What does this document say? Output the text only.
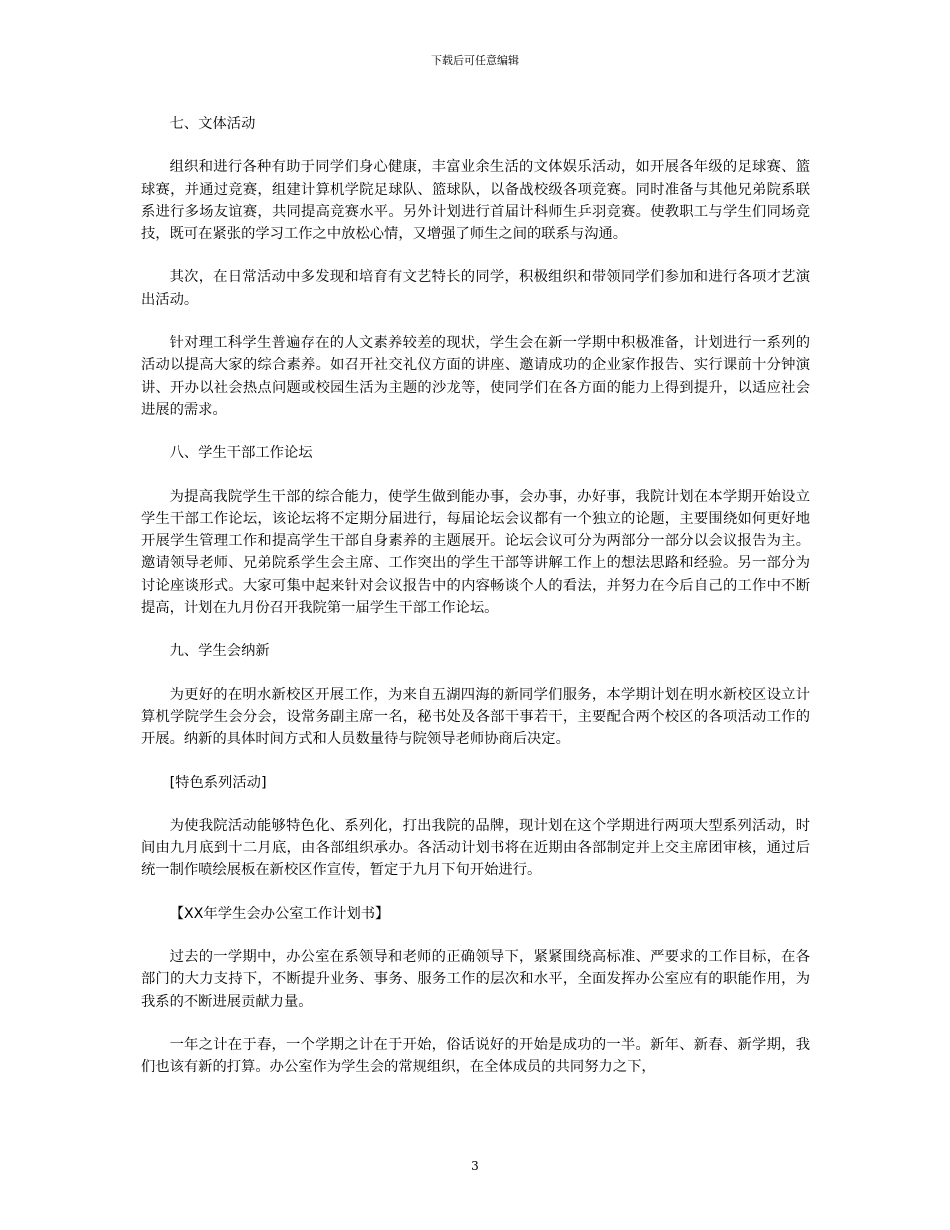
下载后可任意编辑

七、文体活动

组织和进行各种有助于同学们身心健康，丰富业余生活的文体娱乐活动，如开展各年级的足球赛、篮球赛，并通过竞赛，组建计算机学院足球队、篮球队，以备战校级各项竞赛。同时准备与其他兄弟院系联系进行多场友谊赛，共同提高竞赛水平。另外计划进行首届计科师生乒羽竞赛。使教职工与学生们同场竞技，既可在紧张的学习工作之中放松心情，又增强了师生之间的联系与沟通。

其次，在日常活动中多发现和培育有文艺特长的同学，积极组织和带领同学们参加和进行各项才艺演出活动。

针对理工科学生普遍存在的人文素养较差的现状，学生会在新一学期中积极准备，计划进行一系列的活动以提高大家的综合素养。如召开社交礼仪方面的讲座、邀请成功的企业家作报告、实行课前十分钟演讲、开办以社会热点问题或校园生活为主题的沙龙等，使同学们在各方面的能力上得到提升，以适应社会进展的需求。

八、学生干部工作论坛

为提高我院学生干部的综合能力，使学生做到能办事，会办事，办好事，我院计划在本学期开始设立学生干部工作论坛，该论坛将不定期分届进行，每届论坛会议都有一个独立的论题，主要围绕如何更好地开展学生管理工作和提高学生干部自身素养的主题展开。论坛会议可分为两部分一部分以会议报告为主。邀请领导老师、兄弟院系学生会主席、工作突出的学生干部等讲解工作上的想法思路和经验。另一部分为讨论座谈形式。大家可集中起来针对会议报告中的内容畅谈个人的看法，并努力在今后自己的工作中不断提高，计划在九月份召开我院第一届学生干部工作论坛。

九、学生会纳新

为更好的在明水新校区开展工作，为来自五湖四海的新同学们服务，本学期计划在明水新校区设立计算机学院学生会分会，设常务副主席一名，秘书处及各部干事若干，主要配合两个校区的各项活动工作的开展。纳新的具体时间方式和人员数量待与院领导老师协商后决定。

[特色系列活动]

为使我院活动能够特色化、系列化，打出我院的品牌，现计划在这个学期进行两项大型系列活动，时间由九月底到十二月底，由各部组织承办。各活动计划书将在近期由各部制定并上交主席团审核，通过后统一制作喷绘展板在新校区作宣传，暂定于九月下旬开始进行。

【XX年学生会办公室工作计划书】

过去的一学期中，办公室在系领导和老师的正确领导下，紧紧围绕高标准、严要求的工作目标，在各部门的大力支持下，不断提升业务、事务、服务工作的层次和水平，全面发挥办公室应有的职能作用，为我系的不断进展贡献力量。

一年之计在于春，一个学期之计在于开始，俗话说好的开始是成功的一半。新年、新春、新学期，我们也该有新的打算。办公室作为学生会的常规组织，在全体成员的共同努力之下，

3
